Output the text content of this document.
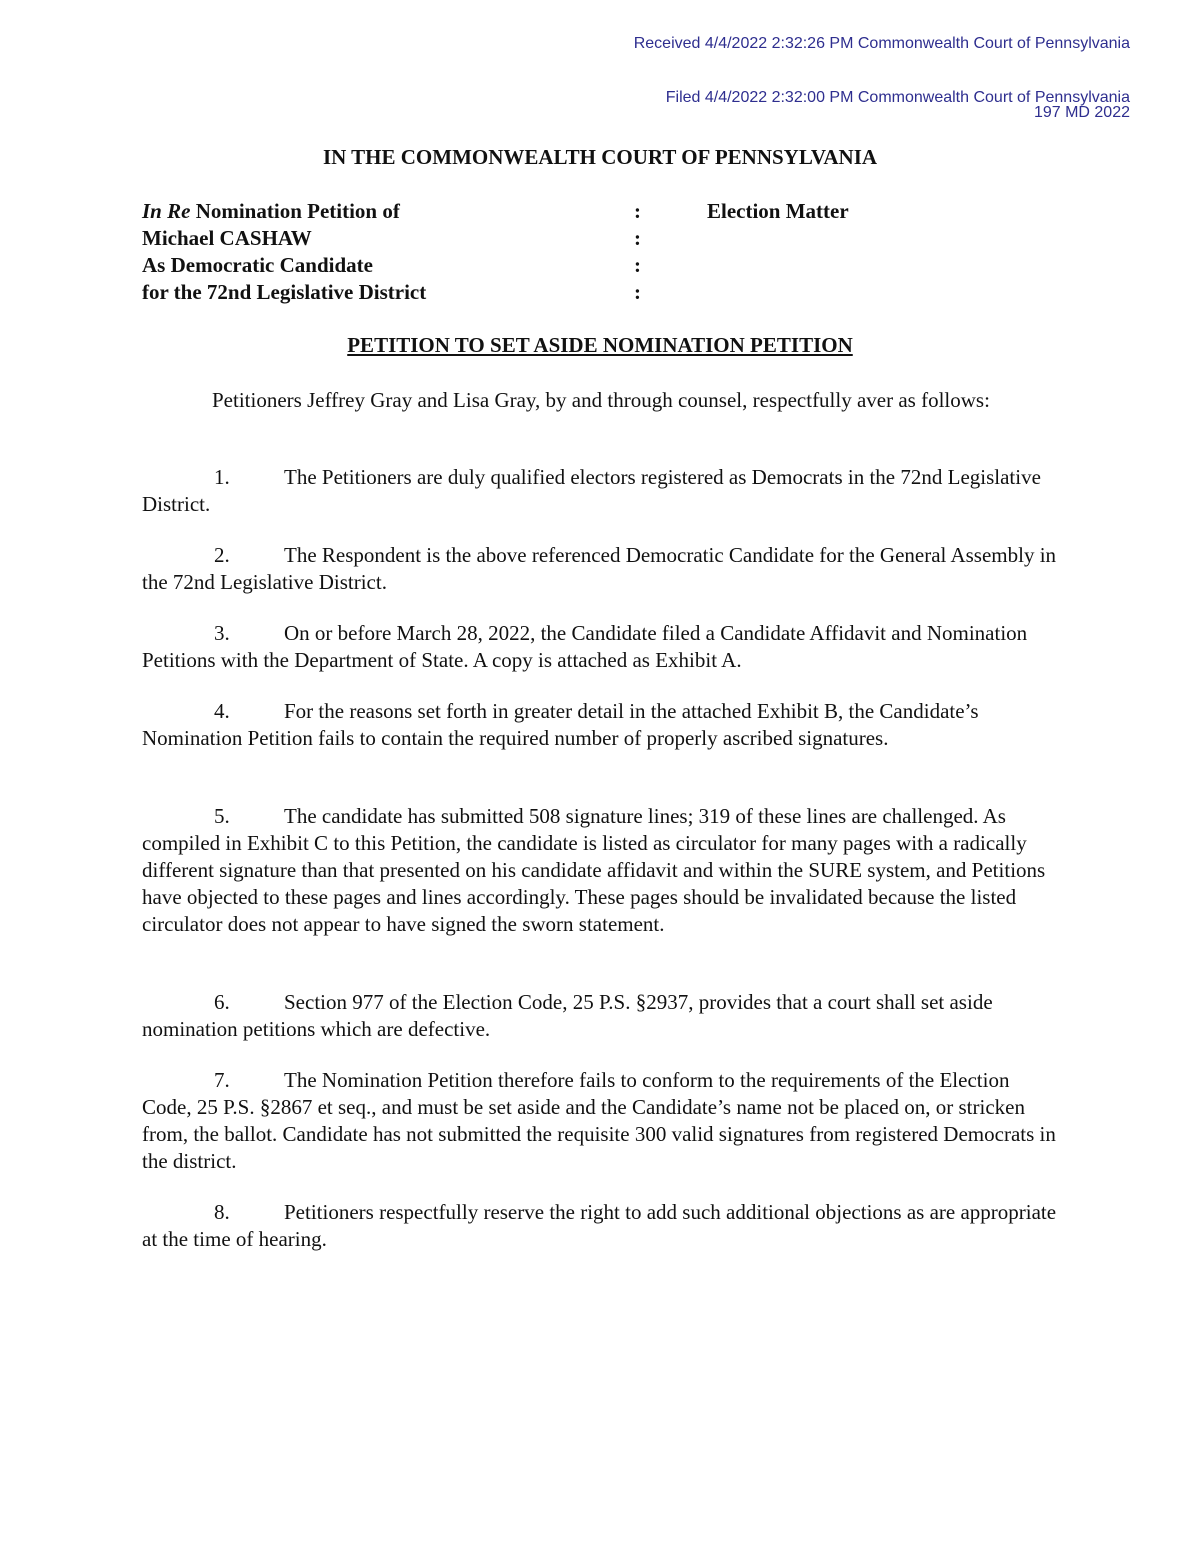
Received 4/4/2022 2:32:26 PM Commonwealth Court of Pennsylvania
Filed 4/4/2022 2:32:00 PM Commonwealth Court of Pennsylvania
197 MD 2022
IN THE COMMONWEALTH COURT OF PENNSYLVANIA
In Re Nomination Petition of	:	Election Matter
Michael CASHAW	:
As Democratic Candidate	:
for the 72nd Legislative District	:
PETITION TO SET ASIDE NOMINATION PETITION
Petitioners Jeffrey Gray and Lisa Gray, by and through counsel, respectfully aver as follows:
1.	The Petitioners are duly qualified electors registered as Democrats in the 72nd Legislative District.
2.	The Respondent is the above referenced Democratic Candidate for the General Assembly in the 72nd Legislative District.
3.	On or before March 28, 2022, the Candidate filed a Candidate Affidavit and Nomination Petitions with the Department of State. A copy is attached as Exhibit A.
4.	For the reasons set forth in greater detail in the attached Exhibit B, the Candidate’s Nomination Petition fails to contain the required number of properly ascribed signatures.
5.	The candidate has submitted 508 signature lines; 319 of these lines are challenged. As compiled in Exhibit C to this Petition, the candidate is listed as circulator for many pages with a radically different signature than that presented on his candidate affidavit and within the SURE system, and Petitions have objected to these pages and lines accordingly. These pages should be invalidated because the listed circulator does not appear to have signed the sworn statement.
6.	Section 977 of the Election Code, 25 P.S. §2937, provides that a court shall set aside nomination petitions which are defective.
7.	The Nomination Petition therefore fails to conform to the requirements of the Election Code, 25 P.S. §2867 et seq., and must be set aside and the Candidate’s name not be placed on, or stricken from, the ballot. Candidate has not submitted the requisite 300 valid signatures from registered Democrats in the district.
8.	Petitioners respectfully reserve the right to add such additional objections as are appropriate at the time of hearing.
